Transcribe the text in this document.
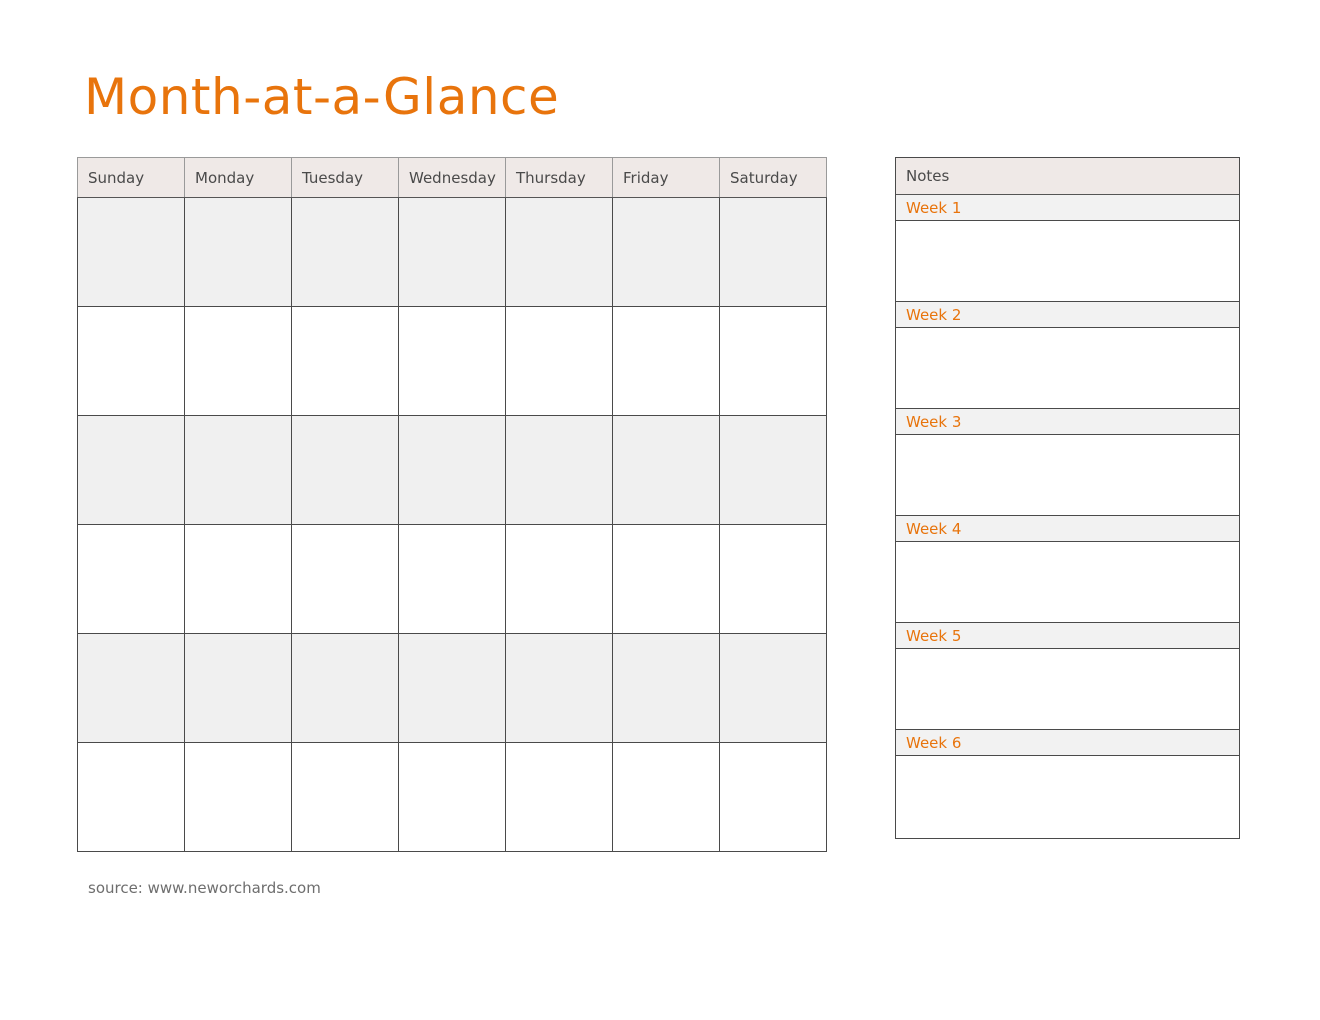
Month-at-a-Glance
Sunday	Monday	Tuesday	Wednesday	Thursday	Friday	Saturday

							Notes
Week 1
Week 2
Week 3
Week 4
Week 5
Week 6
source: www.neworchards.com
